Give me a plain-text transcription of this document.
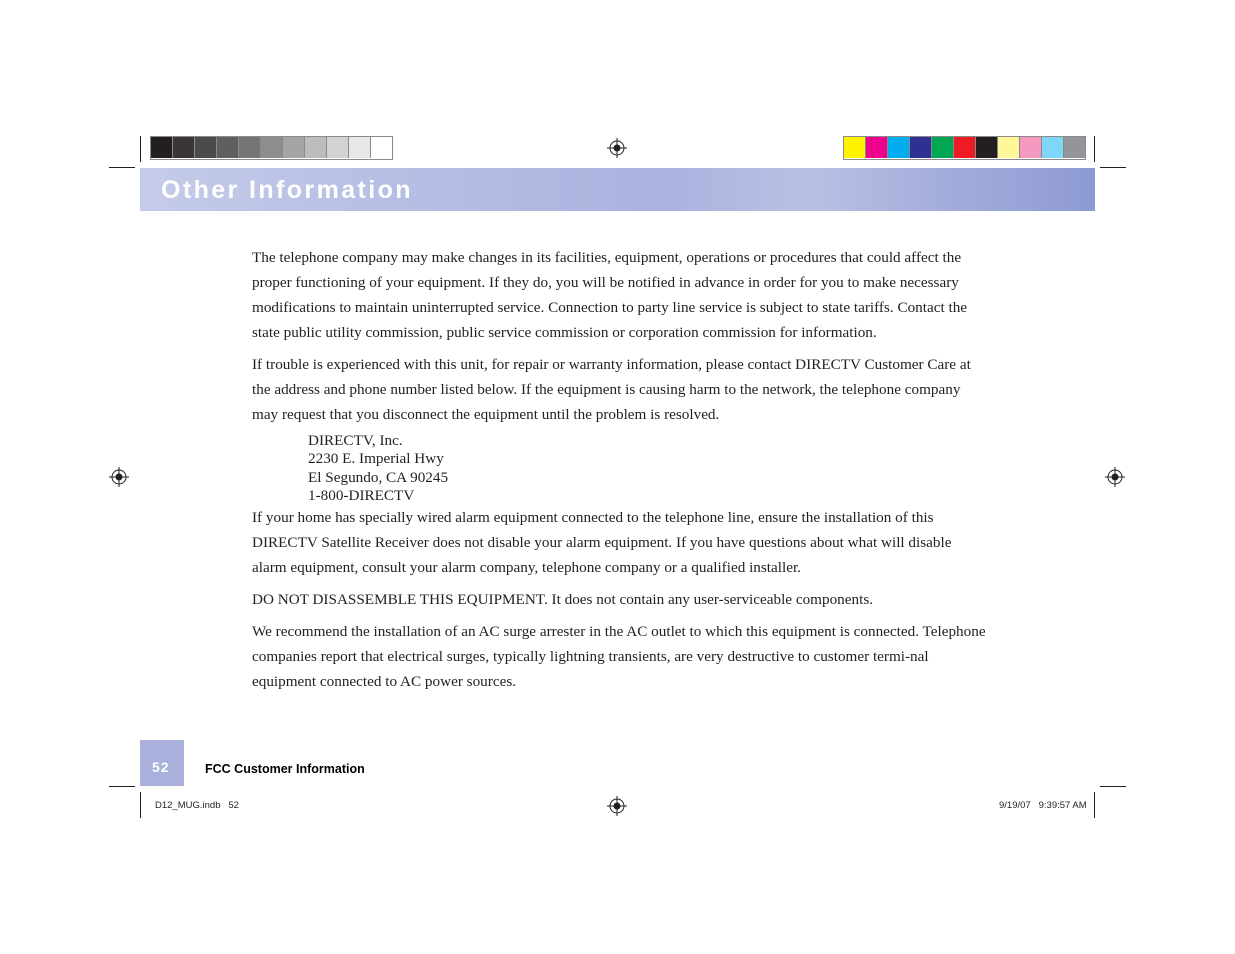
Other Information

The telephone company may make changes in its facilities, equipment, operations or procedures that could affect the proper functioning of your equipment. If they do, you will be notified in advance in order for you to make necessary modifications to maintain uninterrupted service. Connection to party line service is subject to state tariffs. Contact the state public utility commission, public service commission or corporation commission for information.

If trouble is experienced with this unit, for repair or warranty information, please contact DIRECTV Customer Care at the address and phone number listed below. If the equipment is causing harm to the network, the telephone company may request that you disconnect the equipment until the problem is resolved.

DIRECTV, Inc.
2230 E. Imperial Hwy
El Segundo, CA 90245
1-800-DIRECTV

If your home has specially wired alarm equipment connected to the telephone line, ensure the installation of this DIRECTV Satellite Receiver does not disable your alarm equipment. If you have questions about what will disable alarm equipment, consult your alarm company, telephone company or a qualified installer.

DO NOT DISASSEMBLE THIS EQUIPMENT. It does not contain any user-serviceable components.

We recommend the installation of an AC surge arrester in the AC outlet to which this equipment is connected. Telephone companies report that electrical surges, typically lightning transients, are very destructive to customer termi-nal equipment connected to AC power sources.

52	FCC Customer Information
D12_MUG.indb   52	9/19/07   9:39:57 AM
